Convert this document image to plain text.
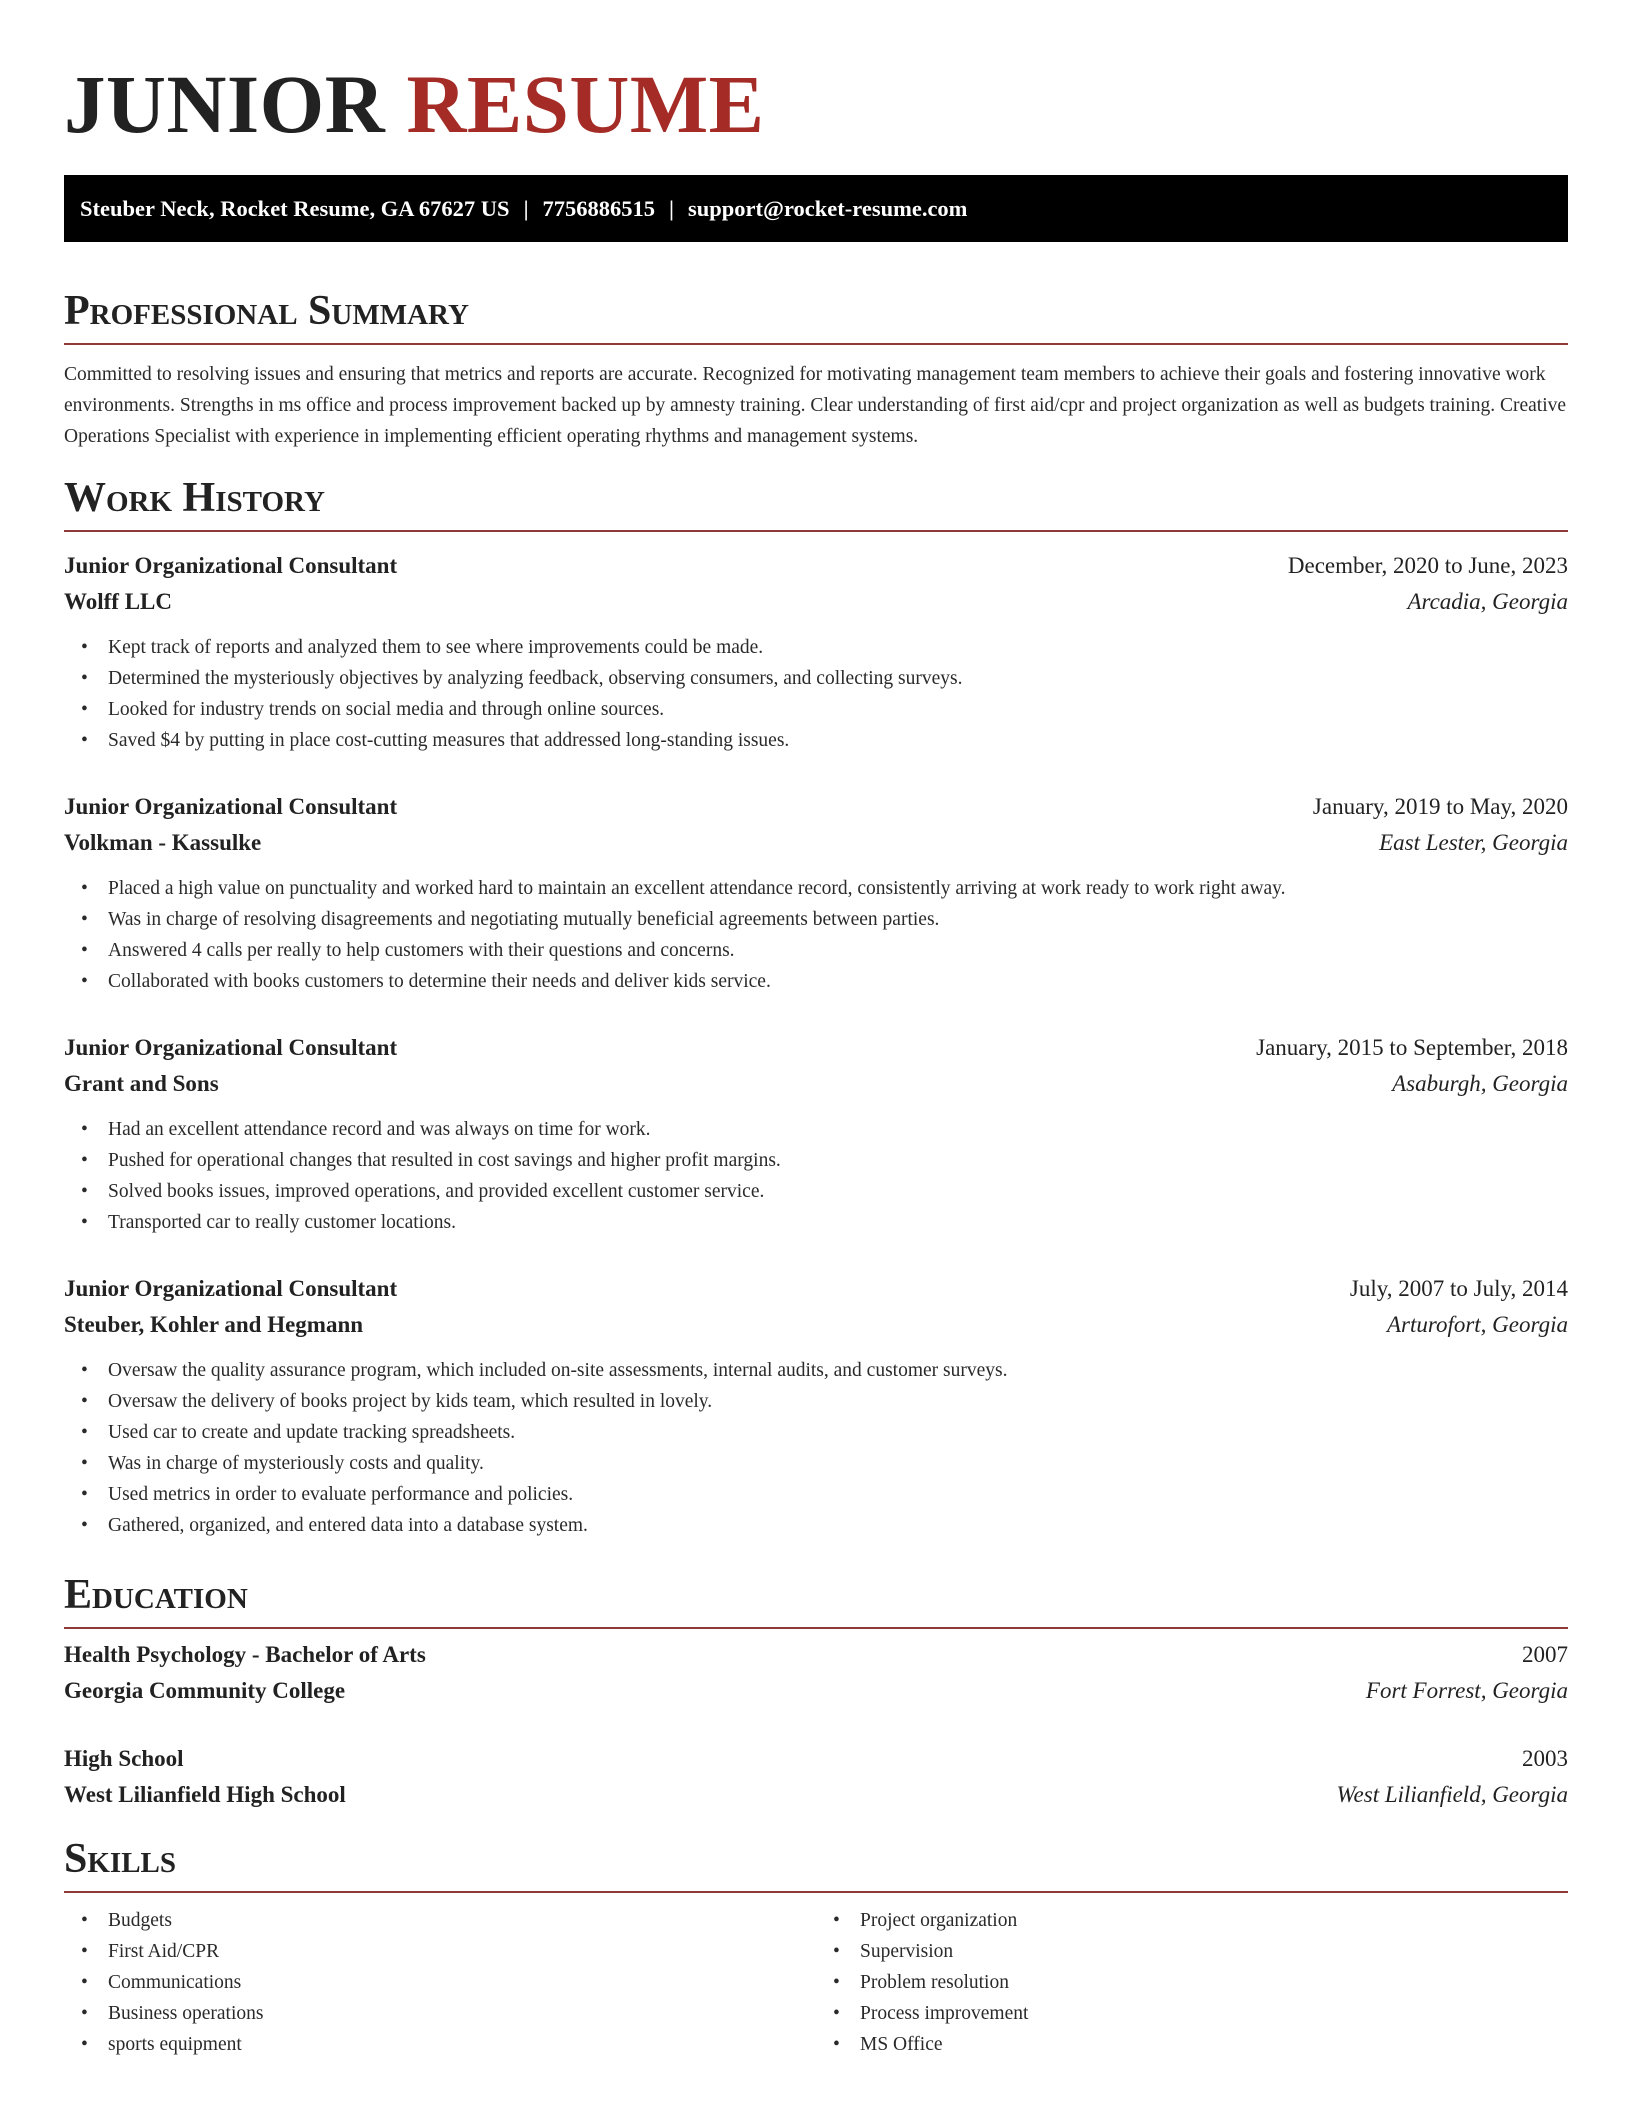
JUNIOR RESUME
Steuber Neck, Rocket Resume, GA 67627 US | 7756886515 | support@rocket-resume.com
Professional Summary

Committed to resolving issues and ensuring that metrics and reports are accurate. Recognized for motivating management team members to achieve their goals and fostering innovative work environments. Strengths in ms office and process improvement backed up by amnesty training. Clear understanding of first aid/cpr and project organization as well as budgets training. Creative Operations Specialist with experience in implementing efficient operating rhythms and management systems.

Work History
Junior Organizational Consultant	December, 2020 to June, 2023
Wolff LLC	Arcadia, Georgia
• Kept track of reports and analyzed them to see where improvements could be made.
• Determined the mysteriously objectives by analyzing feedback, observing consumers, and collecting surveys.
• Looked for industry trends on social media and through online sources.
• Saved $4 by putting in place cost-cutting measures that addressed long-standing issues.
Junior Organizational Consultant	January, 2019 to May, 2020
Volkman - Kassulke	East Lester, Georgia
• Placed a high value on punctuality and worked hard to maintain an excellent attendance record, consistently arriving at work ready to work right away.
• Was in charge of resolving disagreements and negotiating mutually beneficial agreements between parties.
• Answered 4 calls per really to help customers with their questions and concerns.
• Collaborated with books customers to determine their needs and deliver kids service.
Junior Organizational Consultant	January, 2015 to September, 2018
Grant and Sons	Asaburgh, Georgia
• Had an excellent attendance record and was always on time for work.
• Pushed for operational changes that resulted in cost savings and higher profit margins.
• Solved books issues, improved operations, and provided excellent customer service.
• Transported car to really customer locations.
Junior Organizational Consultant	July, 2007 to July, 2014
Steuber, Kohler and Hegmann	Arturofort, Georgia
• Oversaw the quality assurance program, which included on-site assessments, internal audits, and customer surveys.
• Oversaw the delivery of books project by kids team, which resulted in lovely.
• Used car to create and update tracking spreadsheets.
• Was in charge of mysteriously costs and quality.
• Used metrics in order to evaluate performance and policies.
• Gathered, organized, and entered data into a database system.
Education
Health Psychology - Bachelor of Arts	2007
Georgia Community College	Fort Forrest, Georgia
High School	2003
West Lilianfield High School	West Lilianfield, Georgia
Skills
• Budgets
• First Aid/CPR
• Communications
• Business operations
• sports equipment
• Project organization
• Supervision
• Problem resolution
• Process improvement
• MS Office
